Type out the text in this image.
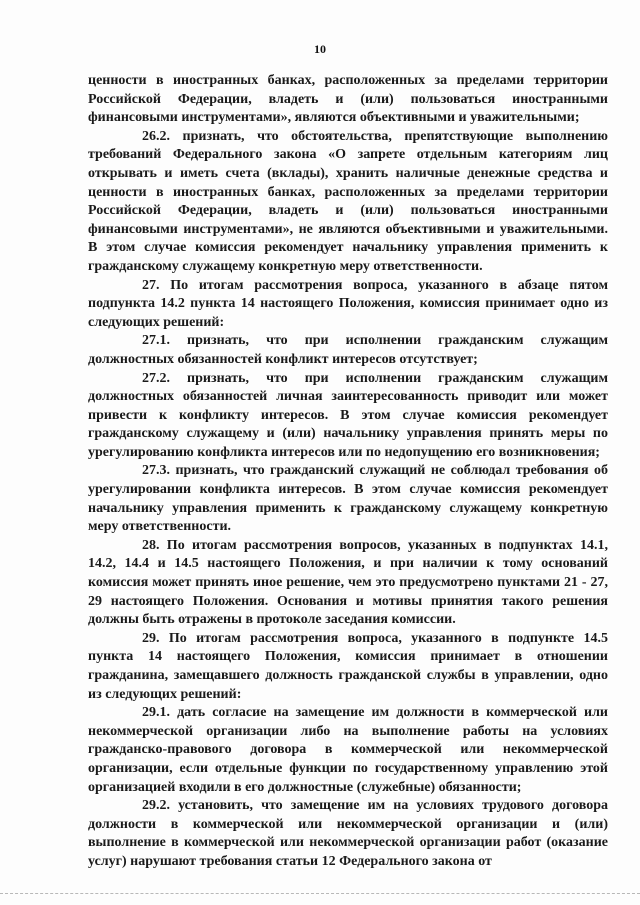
10

ценности в иностранных банках, расположенных за пределами территории Российской Федерации, владеть и (или) пользоваться иностранными финансовыми инструментами», являются объективными и уважительными;

26.2. признать, что обстоятельства, препятствующие выполнению требований Федерального закона «О запрете отдельным категориям лиц открывать и иметь счета (вклады), хранить наличные денежные средства и ценности в иностранных банках, расположенных за пределами территории Российской Федерации, владеть и (или) пользоваться иностранными финансовыми инструментами», не являются объективными и уважительными. В этом случае комиссия рекомендует начальнику управления применить к гражданскому служащему конкретную меру ответственности.

27. По итогам рассмотрения вопроса, указанного в абзаце пятом подпункта 14.2 пункта 14 настоящего Положения, комиссия принимает одно из следующих решений:

27.1. признать, что при исполнении гражданским служащим должностных обязанностей конфликт интересов отсутствует;

27.2. признать, что при исполнении гражданским служащим должностных обязанностей личная заинтересованность приводит или может привести к конфликту интересов. В этом случае комиссия рекомендует гражданскому служащему и (или) начальнику управления принять меры по урегулированию конфликта интересов или по недопущению его возникновения;

27.3. признать, что гражданский служащий не соблюдал требования об урегулировании конфликта интересов. В этом случае комиссия рекомендует начальнику управления применить к гражданскому служащему конкретную меру ответственности.

28. По итогам рассмотрения вопросов, указанных в подпунктах 14.1, 14.2, 14.4 и 14.5 настоящего Положения, и при наличии к тому оснований комиссия может принять иное решение, чем это предусмотрено пунктами 21 - 27, 29 настоящего Положения. Основания и мотивы принятия такого решения должны быть отражены в протоколе заседания комиссии.

29. По итогам рассмотрения вопроса, указанного в подпункте 14.5 пункта 14 настоящего Положения, комиссия принимает в отношении гражданина, замещавшего должность гражданской службы в управлении, одно из следующих решений:

29.1. дать согласие на замещение им должности в коммерческой или некоммерческой организации либо на выполнение работы на условиях гражданско-правового договора в коммерческой или некоммерческой организации, если отдельные функции по государственному управлению этой организацией входили в его должностные (служебные) обязанности;

29.2. установить, что замещение им на условиях трудового договора должности в коммерческой или некоммерческой организации и (или) выполнение в коммерческой или некоммерческой организации работ (оказание услуг) нарушают требования статьи 12 Федерального закона от
